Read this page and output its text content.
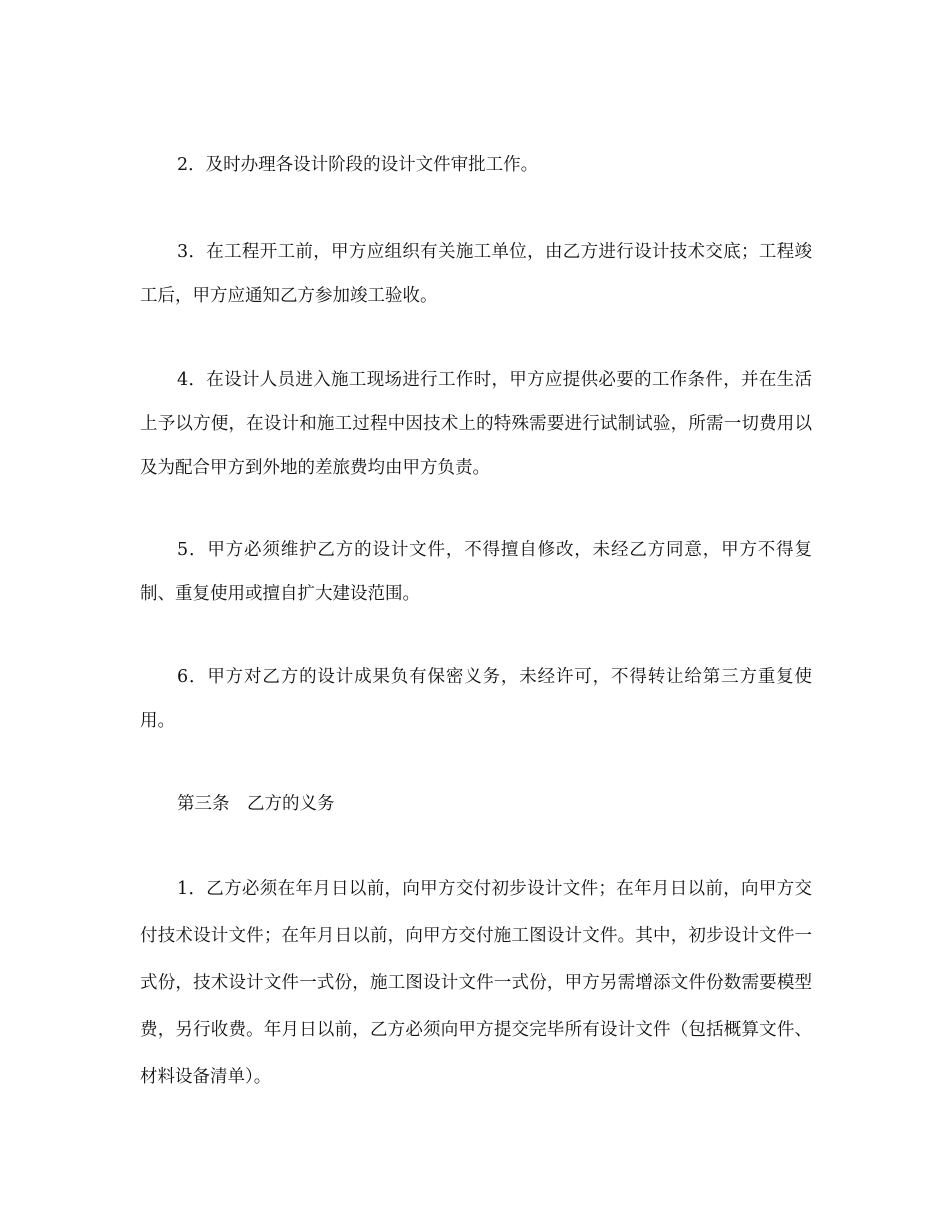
2．及时办理各设计阶段的设计文件审批工作。

3．在工程开工前，甲方应组织有关施工单位，由乙方进行设计技术交底；工程竣工后，甲方应通知乙方参加竣工验收。

4．在设计人员进入施工现场进行工作时，甲方应提供必要的工作条件，并在生活上予以方便，在设计和施工过程中因技术上的特殊需要进行试制试验，所需一切费用以及为配合甲方到外地的差旅费均由甲方负责。

5．甲方必须维护乙方的设计文件，不得擅自修改，未经乙方同意，甲方不得复制、重复使用或擅自扩大建设范围。

6．甲方对乙方的设计成果负有保密义务，未经许可，不得转让给第三方重复使用。

第三条　乙方的义务

1．乙方必须在年月日以前，向甲方交付初步设计文件；在年月日以前，向甲方交付技术设计文件；在年月日以前，向甲方交付施工图设计文件。其中，初步设计文件一式份，技术设计文件一式份，施工图设计文件一式份，甲方另需增添文件份数需要模型费，另行收费。年月日以前，乙方必须向甲方提交完毕所有设计文件（包括概算文件、材料设备清单）。
